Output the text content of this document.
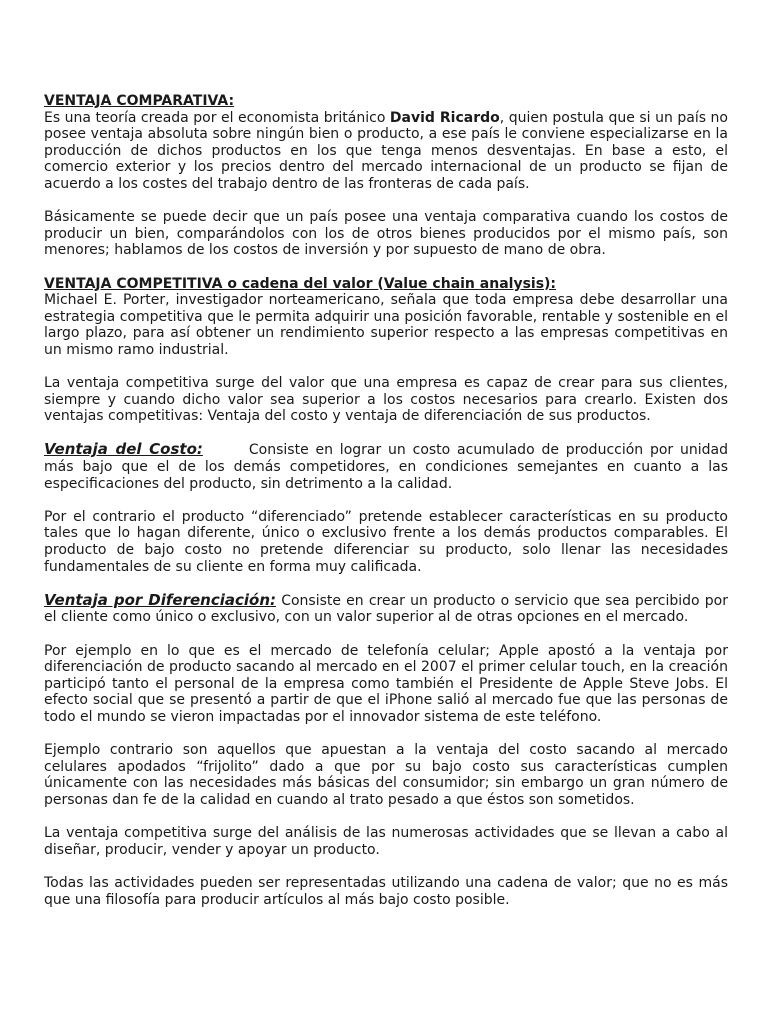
VENTAJA COMPARATIVA:
Es una teoría creada por el economista británico David Ricardo, quien postula que si un país no posee ventaja absoluta sobre ningún bien o producto, a ese país le conviene especializarse en la producción de dichos productos en los que tenga menos desventajas. En base a esto, el comercio exterior y los precios dentro del mercado internacional de un producto se fijan de acuerdo a los costes del trabajo dentro de las fronteras de cada país.

Básicamente se puede decir que un país posee una ventaja comparativa cuando los costos de producir un bien, comparándolos con los de otros bienes producidos por el mismo país, son menores; hablamos de los costos de inversión y por supuesto de mano de obra.

VENTAJA COMPETITIVA o cadena del valor (Value chain analysis):
Michael E. Porter, investigador norteamericano, señala que toda empresa debe desarrollar una estrategia competitiva que le permita adquirir una posición favorable, rentable y sostenible en el largo plazo, para así obtener un rendimiento superior respecto a las empresas competitivas en un mismo ramo industrial.

La ventaja competitiva surge del valor que una empresa es capaz de crear para sus clientes, siempre y cuando dicho valor sea superior a los costos necesarios para crearlo. Existen dos ventajas competitivas: Ventaja del costo y ventaja de diferenciación de sus productos.

Ventaja del Costo:	Consiste en lograr un costo acumulado de producción por unidad más bajo que el de los demás competidores, en condiciones semejantes en cuanto a las especificaciones del producto, sin detrimento a la calidad.

Por el contrario el producto “diferenciado” pretende establecer características en su producto tales que lo hagan diferente, único o exclusivo frente a los demás productos comparables. El producto de bajo costo no pretende diferenciar su producto, solo llenar las necesidades fundamentales de su cliente en forma muy calificada.

Ventaja por Diferenciación: Consiste en crear un producto o servicio que sea percibido por el cliente como único o exclusivo, con un valor superior al de otras opciones en el mercado.

Por ejemplo en lo que es el mercado de telefonía celular; Apple apostó a la ventaja por diferenciación de producto sacando al mercado en el 2007 el primer celular touch, en la creación participó tanto el personal de la empresa como también el Presidente de Apple Steve Jobs. El efecto social que se presentó a partir de que el iPhone salió al mercado fue que las personas de todo el mundo se vieron impactadas por el innovador sistema de este teléfono.

Ejemplo contrario son aquellos que apuestan a la ventaja del costo sacando al mercado celulares apodados “frijolito” dado a que por su bajo costo sus características cumplen únicamente con las necesidades más básicas del consumidor; sin embargo un gran número de personas dan fe de la calidad en cuando al trato pesado a que éstos son sometidos.

La ventaja competitiva surge del análisis de las numerosas actividades que se llevan a cabo al diseñar, producir, vender y apoyar un producto.

Todas las actividades pueden ser representadas utilizando una cadena de valor; que no es más que una filosofía para producir artículos al más bajo costo posible.
